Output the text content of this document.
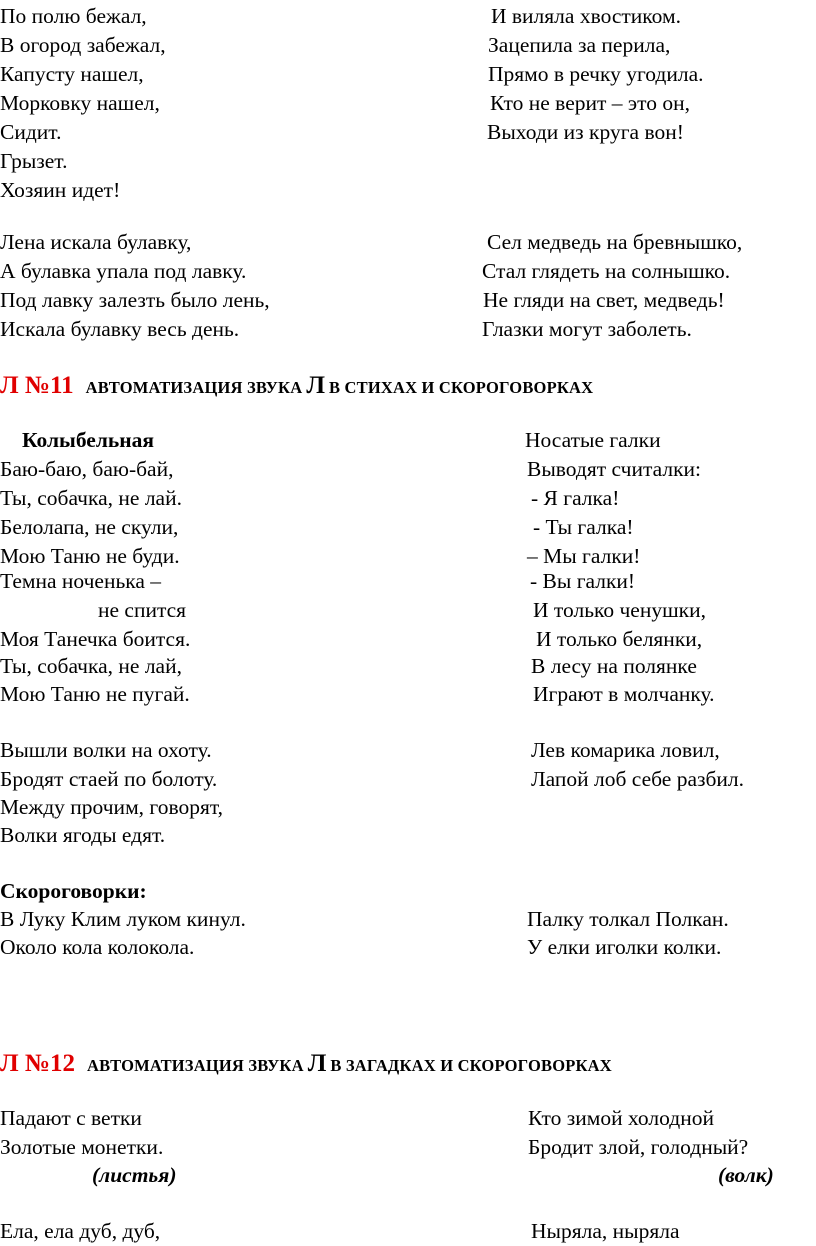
По полю бежал,
В огород забежал,
Капусту нашел,
Морковку нашел,
Сидит.
Грызет.
Хозяин идет!
И виляла хвостиком.
Зацепила за перила,
Прямо в речку угодила.
Кто не верит – это он,
Выходи из круга вон!
Лена искала булавку,
А булавка упала под лавку.
Под лавку залезть было лень,
Искала булавку весь день.
Сел медведь на бревнышко,
Стал глядеть на солнышко.
Не гляди на свет, медведь!
Глазки могут заболеть.
Л №11 АВТОМАТИЗАЦИЯ ЗВУКА Л В СТИХАХ И СКОРОГОВОРКАХ
Колыбельная
Баю-баю, баю-бай,
Ты, собачка, не лай.
Белолапа, не скули,
Мою Таню не буди.
Темна ноченька –
не спится
Моя Танечка боится.
Ты, собачка, не лай,
Мою Таню не пугай.
Носатые галки
Выводят считалки:
- Я галка!
- Ты галка!
– Мы галки!
- Вы галки!
И только ченушки,
И только белянки,
В лесу на полянке
Играют в молчанку.
Вышли волки на охоту.
Бродят стаей по болоту.
Между прочим, говорят,
Волки ягоды едят.
Лев комарика ловил,
Лапой лоб себе разбил.
Скороговорки:
В Луку Клим луком кинул.
Около кола колокола.
Палку толкал Полкан.
У елки иголки колки.
Л №12 АВТОМАТИЗАЦИЯ ЗВУКА Л В ЗАГАДКАХ И СКОРОГОВОРКАХ
Падают с ветки
Золотые монетки.
(листья)
Кто зимой холодной
Бродит злой, голодный?
(волк)
Ела, ела дуб, дуб,	Ныряла, ныряла
